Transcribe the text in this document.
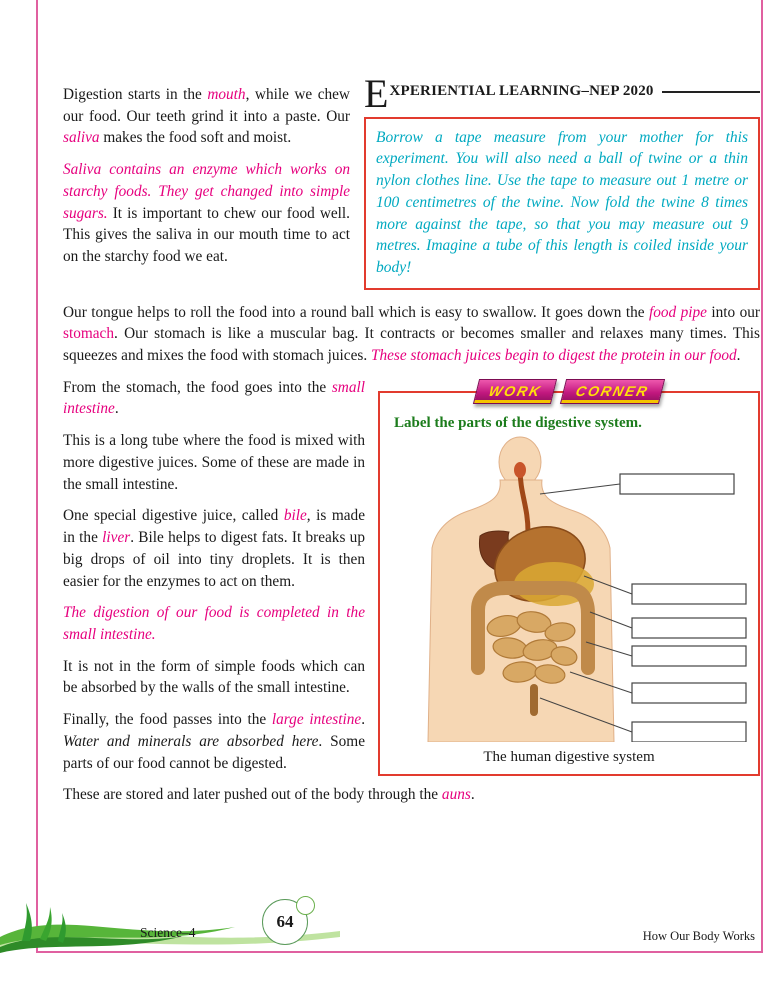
Digestion starts in the mouth, while we chew our food. Our teeth grind it into a paste. Our saliva makes the food soft and moist.

Saliva contains an enzyme which works on starchy foods. They get changed into simple sugars. It is important to chew our food well. This gives the saliva in our mouth time to act on the starchy food we eat.

E XPERIENTIAL LEARNING–NEP 2020

Borrow a tape measure from your mother for this experiment. You will also need a ball of twine or a thin nylon clothes line. Use the tape to measure out 1 metre or 100 centimetres of the twine. Now fold the twine 8 times more against the tape, so that you may measure out 9 metres. Imagine a tube of this length is coiled inside your body!

Our tongue helps to roll the food into a round ball which is easy to swallow. It goes down the food pipe into our stomach. Our stomach is like a muscular bag. It contracts or becomes smaller and relaxes many times. This squeezes and mixes the food with stomach juices. These stomach juices begin to digest the protein in our food.

WORK CORNER
Label the parts of the digestive system.
The human digestive system

From the stomach, the food goes into the small intestine.

This is a long tube where the food is mixed with more digestive juices. Some of these are made in the small intestine.

One special digestive juice, called bile, is made in the liver. Bile helps to digest fats. It breaks up big drops of oil into tiny droplets. It is then easier for the enzymes to act on them.

The digestion of our food is completed in the small intestine.

It is not in the form of simple foods which can be absorbed by the walls of the small intestine.

Finally, the food passes into the large intestine. Water and minerals are absorbed here. Some parts of our food cannot be digested.

These are stored and later pushed out of the body through the auns.

Science–4
64
How Our Body Works
